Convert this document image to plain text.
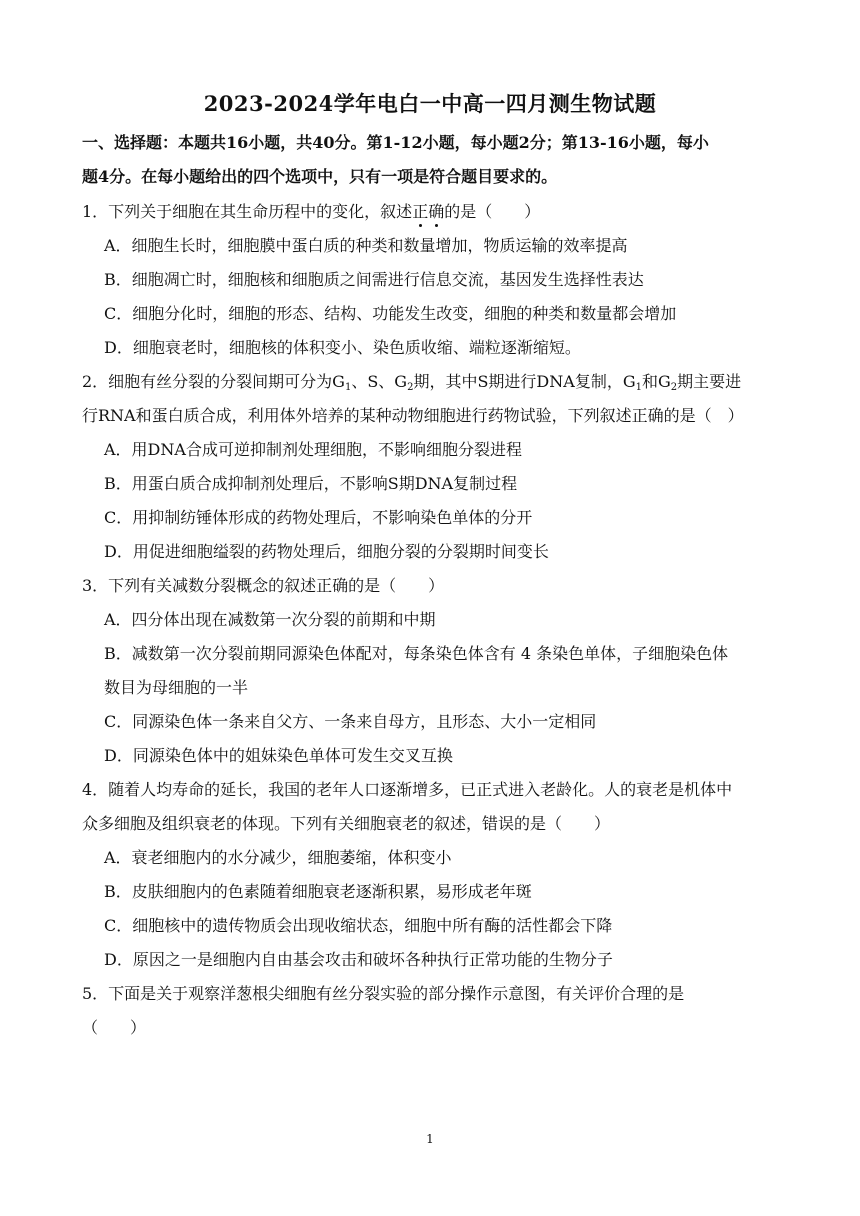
2023-2024学年电白一中高一四月测生物试题
一、选择题：本题共16小题，共40分。第1-12小题，每小题2分；第13-16小题，每小
题4分。在每小题给出的四个选项中，只有一项是符合题目要求的。
1．下列关于细胞在其生命历程中的变化，叙述正确的是（　　）
A．细胞生长时，细胞膜中蛋白质的种类和数量增加，物质运输的效率提高
B．细胞凋亡时，细胞核和细胞质之间需进行信息交流，基因发生选择性表达
C．细胞分化时，细胞的形态、结构、功能发生改变，细胞的种类和数量都会增加
D．细胞衰老时，细胞核的体积变小、染色质收缩、端粒逐渐缩短。
2．细胞有丝分裂的分裂间期可分为$G_1$、S、$G_2$期，其中S期进行DNA复制，$G_1$和$G_2$期主要进
行RNA和蛋白质合成，利用体外培养的某种动物细胞进行药物试验，下列叙述正确的是（　）
A．用DNA合成可逆抑制剂处理细胞，不影响细胞分裂进程
B．用蛋白质合成抑制剂处理后，不影响S期DNA复制过程
C．用抑制纺锤体形成的药物处理后，不影响染色单体的分开
D．用促进细胞缢裂的药物处理后，细胞分裂的分裂期时间变长
3．下列有关减数分裂概念的叙述正确的是（　　）
A．四分体出现在减数第一次分裂的前期和中期
B．减数第一次分裂前期同源染色体配对，每条染色体含有 4 条染色单体，子细胞染色体
数目为母细胞的一半
C．同源染色体一条来自父方、一条来自母方，且形态、大小一定相同
D．同源染色体中的姐妹染色单体可发生交叉互换
4．随着人均寿命的延长，我国的老年人口逐渐增多，已正式进入老龄化。人的衰老是机体中
众多细胞及组织衰老的体现。下列有关细胞衰老的叙述，错误的是（　　）
A．衰老细胞内的水分减少，细胞萎缩，体积变小
B．皮肤细胞内的色素随着细胞衰老逐渐积累，易形成老年斑
C．细胞核中的遗传物质会出现收缩状态，细胞中所有酶的活性都会下降
D．原因之一是细胞内自由基会攻击和破坏各种执行正常功能的生物分子
5．下面是关于观察洋葱根尖细胞有丝分裂实验的部分操作示意图，有关评价合理的是
（　　）
1
